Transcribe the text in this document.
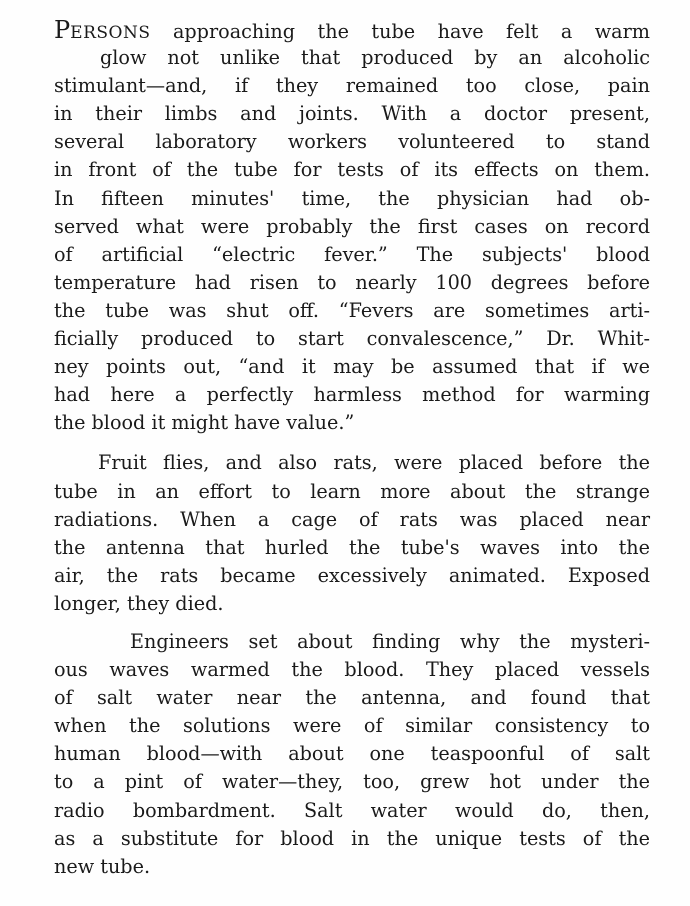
PERSONS approaching the tube have felt a warm
glow not unlike that produced by an alcoholic
stimulant—and, if they remained too close, pain
in their limbs and joints. With a doctor present,
several laboratory workers volunteered to stand
in front of the tube for tests of its effects on them.
In fifteen minutes' time, the physician had ob-
served what were probably the first cases on record
of artificial “electric fever.” The subjects' blood
temperature had risen to nearly 100 degrees before
the tube was shut off. “Fevers are sometimes arti-
ficially produced to start convalescence,” Dr. Whit-
ney points out, “and it may be assumed that if we
had here a perfectly harmless method for warming
the blood it might have value.”
Fruit flies, and also rats, were placed before the
tube in an effort to learn more about the strange
radiations. When a cage of rats was placed near
the antenna that hurled the tube's waves into the
air, the rats became excessively animated. Exposed
longer, they died.
Engineers set about finding why the mysteri-
ous waves warmed the blood. They placed vessels
of salt water near the antenna, and found that
when the solutions were of similar consistency to
human blood—with about one teaspoonful of salt
to a pint of water—they, too, grew hot under the
radio bombardment. Salt water would do, then,
as a substitute for blood in the unique tests of the
new tube.
